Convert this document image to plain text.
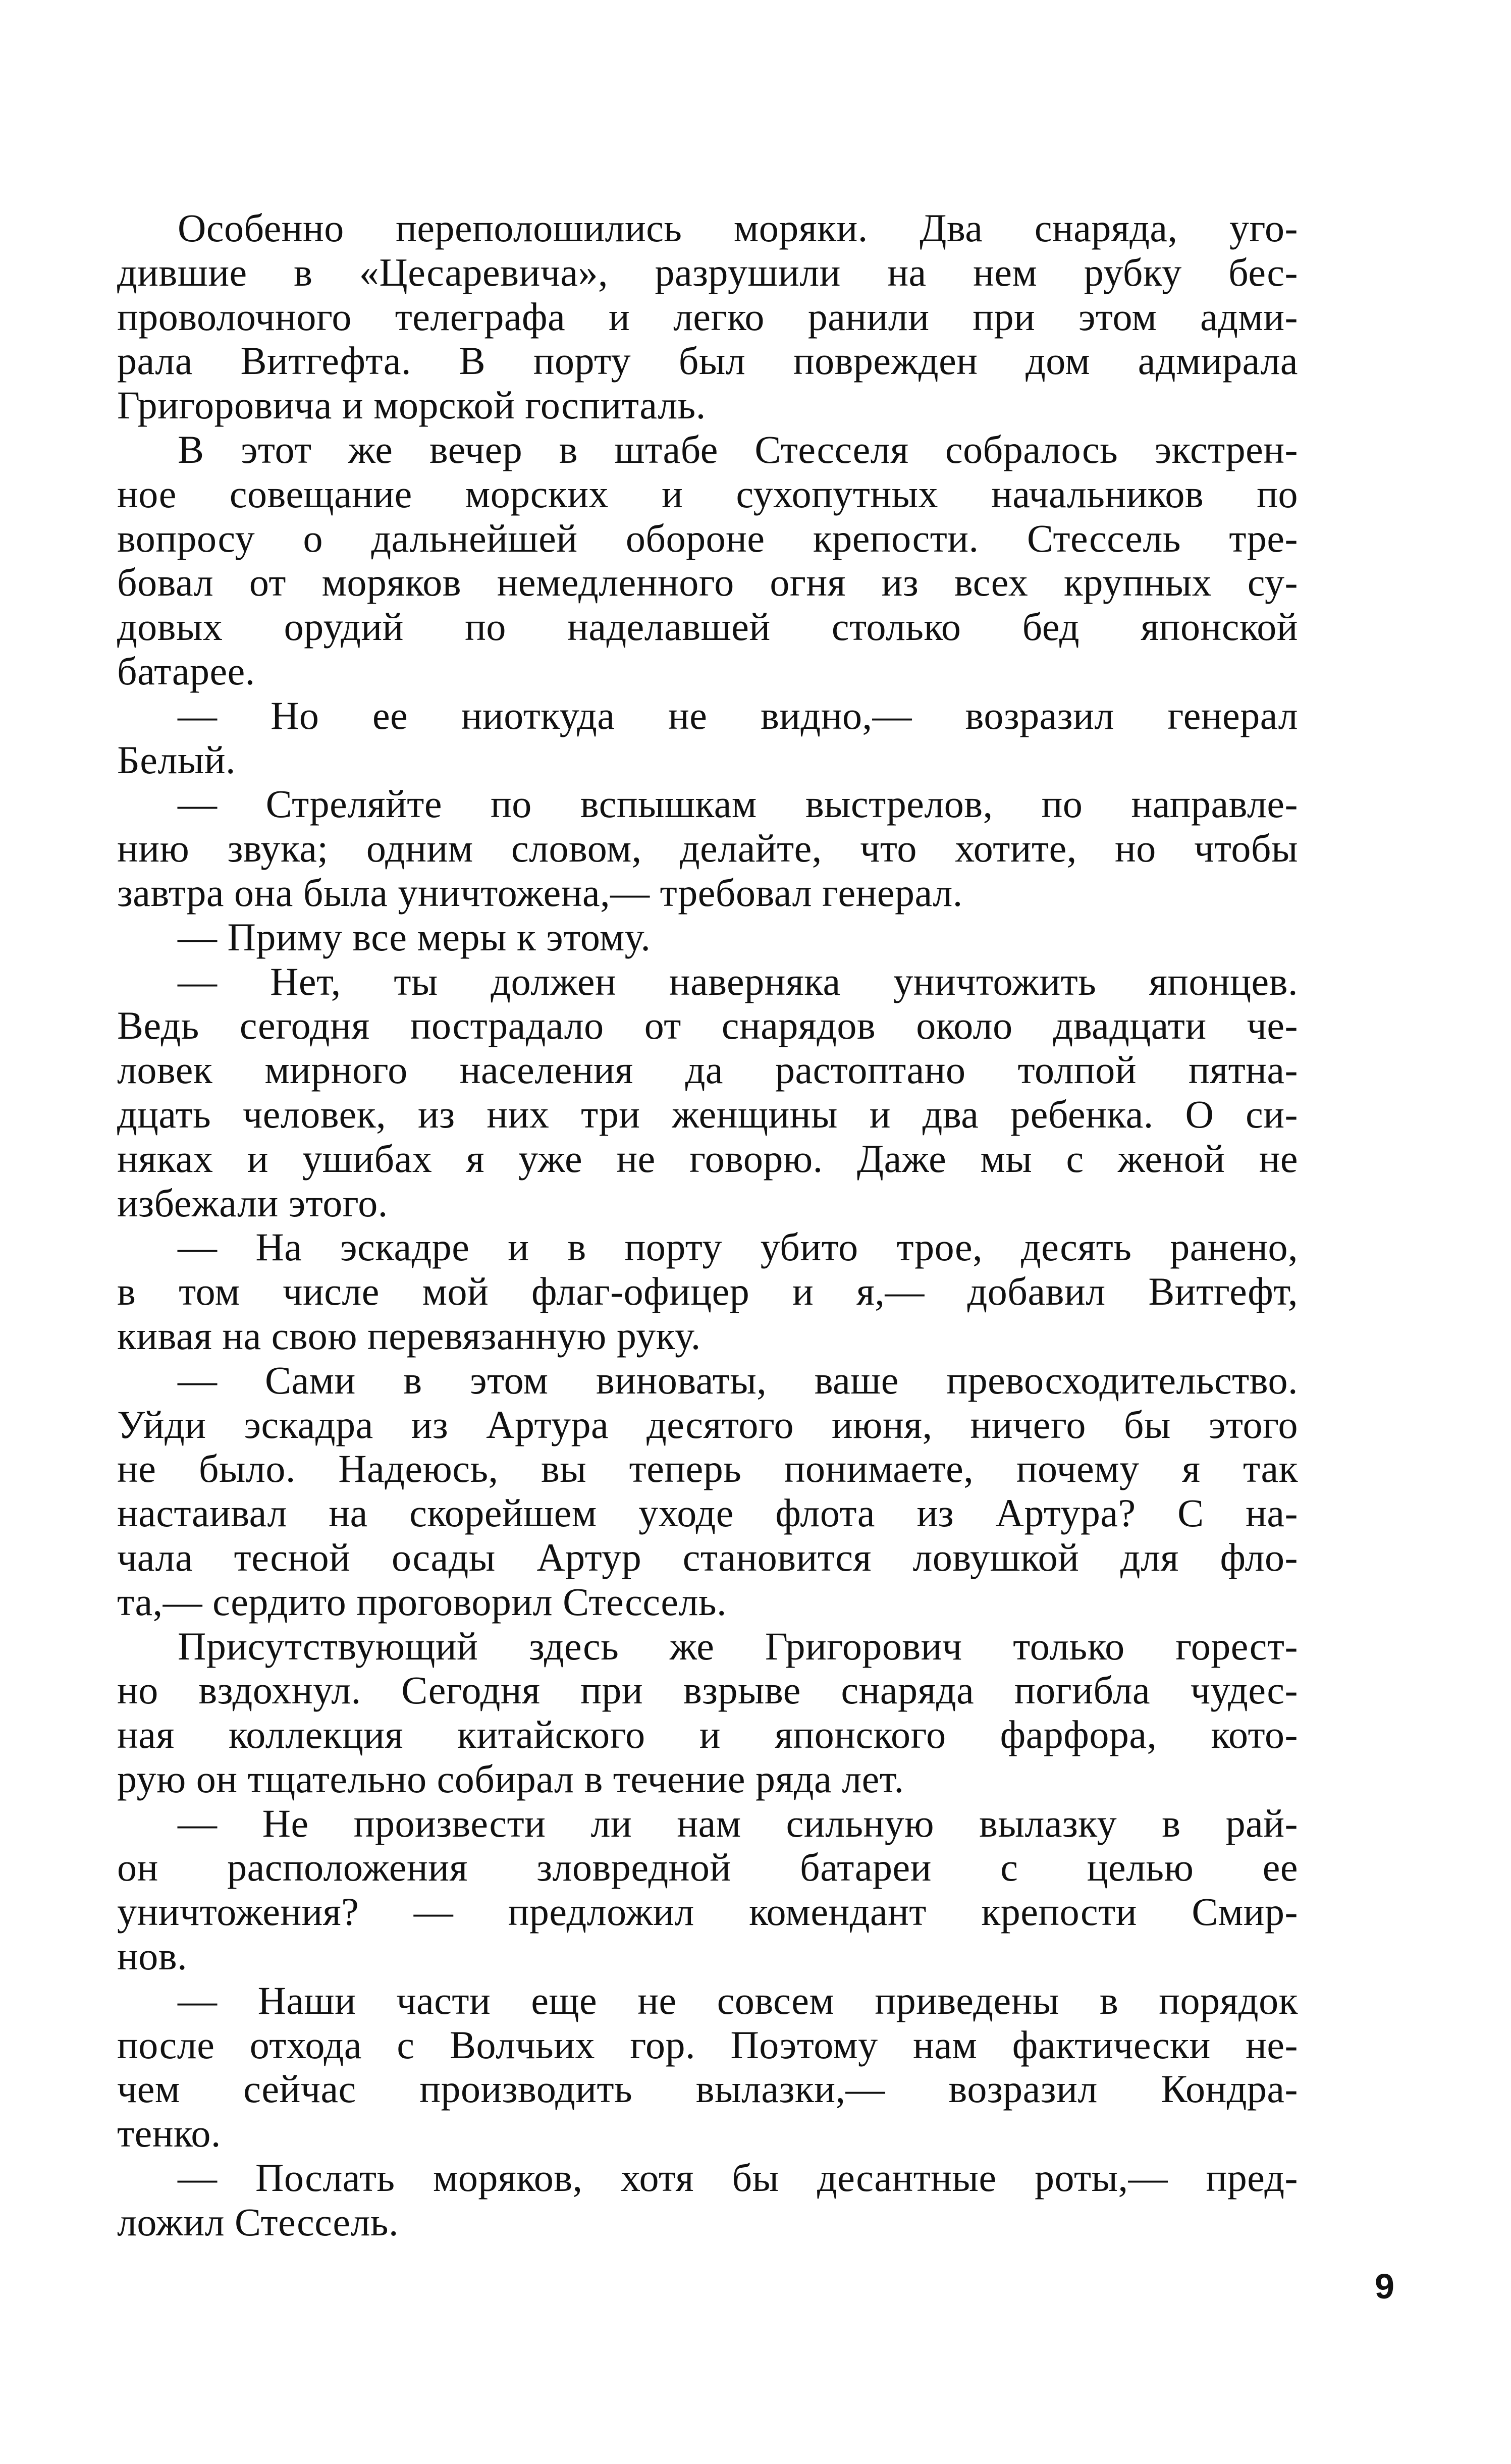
Особенно переполошились моряки. Два снаряда, уго-
дившие в «Цесаревича», разрушили на нем рубку бес-
проволочного телеграфа и легко ранили при этом адми-
рала Витгефта. В порту был поврежден дом адмирала
Григоровича и морской госпиталь.
В этот же вечер в штабе Стесселя собралось экстрен-
ное совещание морских и сухопутных начальников по
вопросу о дальнейшей обороне крепости. Стессель тре-
бовал от моряков немедленного огня из всех крупных су-
довых орудий по наделавшей столько бед японской
батарее.
— Но ее ниоткуда не видно,— возразил генерал
Белый.
— Стреляйте по вспышкам выстрелов, по направле-
нию звука; одним словом, делайте, что хотите, но чтобы
завтра она была уничтожена,— требовал генерал.
— Приму все меры к этому.
— Нет, ты должен наверняка уничтожить японцев.
Ведь сегодня пострадало от снарядов около двадцати че-
ловек мирного населения да растоптано толпой пятна-
дцать человек, из них три женщины и два ребенка. О си-
няках и ушибах я уже не говорю. Даже мы с женой не
избежали этого.
— На эскадре и в порту убито трое, десять ранено,
в том числе мой флаг-офицер и я,— добавил Витгефт,
кивая на свою перевязанную руку.
— Сами в этом виноваты, ваше превосходительство.
Уйди эскадра из Артура десятого июня, ничего бы этого
не было. Надеюсь, вы теперь понимаете, почему я так
настаивал на скорейшем уходе флота из Артура? С на-
чала тесной осады Артур становится ловушкой для фло-
та,— сердито проговорил Стессель.
Присутствующий здесь же Григорович только горест-
но вздохнул. Сегодня при взрыве снаряда погибла чудес-
ная коллекция китайского и японского фарфора, кото-
рую он тщательно собирал в течение ряда лет.
— Не произвести ли нам сильную вылазку в рай-
он расположения зловредной батареи с целью ее
уничтожения? — предложил комендант крепости Смир-
нов.
— Наши части еще не совсем приведены в порядок
после отхода с Волчьих гор. Поэтому нам фактически не-
чем сейчас производить вылазки,— возразил Кондра-
тенко.
— Послать моряков, хотя бы десантные роты,— пред-
ложил Стессель.
9
